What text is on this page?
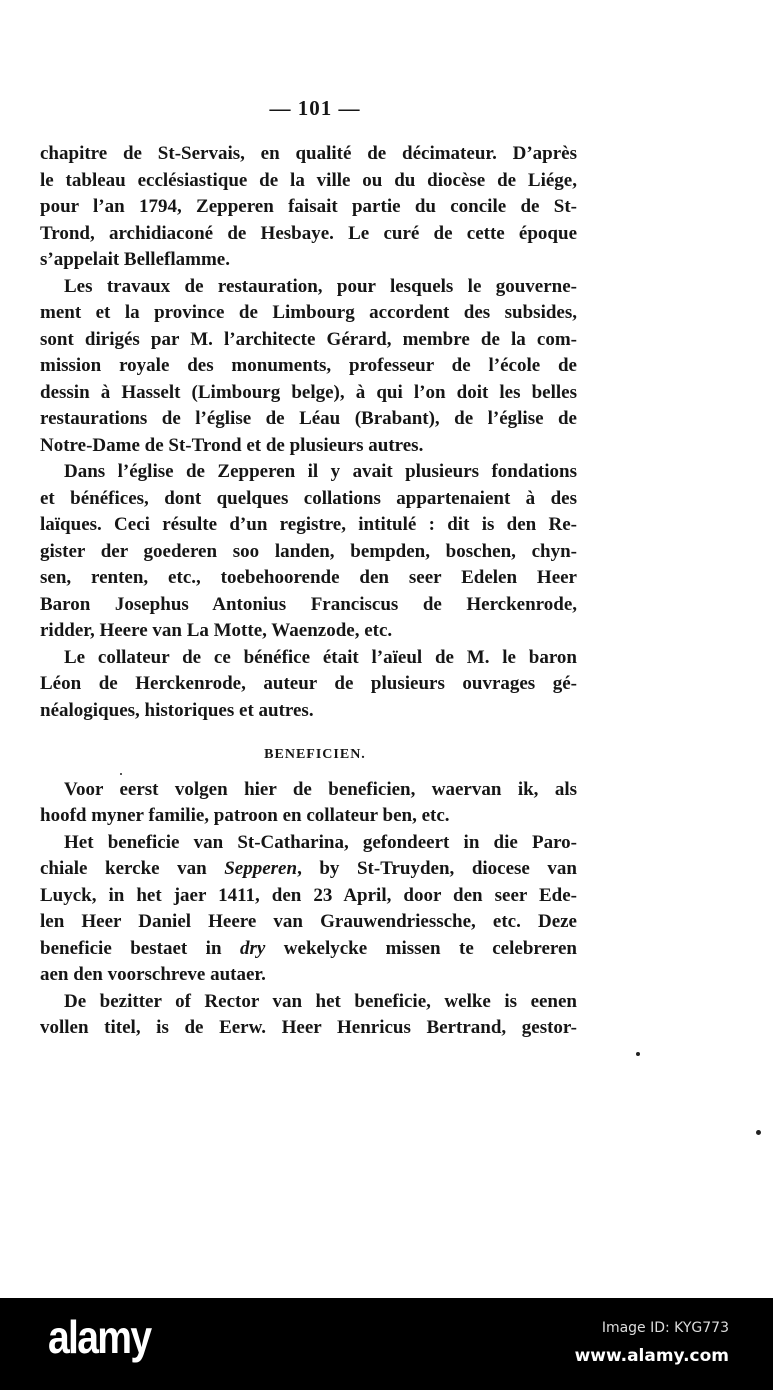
— 101 —
chapitre de St-Servais, en qualité de décimateur. D’après
le tableau ecclésiastique de la ville ou du diocèse de Liége,
pour l’an 1794, Zepperen faisait partie du concile de St-
Trond, archidiaconé de Hesbaye. Le curé de cette époque
s’appelait Belleflamme.
Les travaux de restauration, pour lesquels le gouverne-
ment et la province de Limbourg accordent des subsides,
sont dirigés par M. l’architecte Gérard, membre de la com-
mission royale des monuments, professeur de l’école de
dessin à Hasselt (Limbourg belge), à qui l’on doit les belles
restaurations de l’église de Léau (Brabant), de l’église de
Notre-Dame de St-Trond et de plusieurs autres.
Dans l’église de Zepperen il y avait plusieurs fondations
et bénéfices, dont quelques collations appartenaient à des
laïques. Ceci résulte d’un registre, intitulé : dit is den Re-
gister der goederen soo landen, bempden, boschen, chyn-
sen, renten, etc., toebehoorende den seer Edelen Heer
Baron Josephus Antonius Franciscus de Herckenrode,
ridder, Heere van La Motte, Waenzode, etc.
Le collateur de ce bénéfice était l’aïeul de M. le baron
Léon de Herckenrode, auteur de plusieurs ouvrages gé-
néalogiques, historiques et autres.
Voor eerst volgen hier de beneficien, waervan ik, als
hoofd myner familie, patroon en collateur ben, etc.
Het beneficie van St-Catharina, gefondeert in die Paro-
chiale kercke van Sepperen, by St-Truyden, diocese van
Luyck, in het jaer 1411, den 23 April, door den seer Ede-
len Heer Daniel Heere van Grauwendriessche, etc. Deze
beneficie bestaet in dry wekelycke missen te celebreren
aen den voorschreve autaer.
De bezitter of Rector van het beneficie, welke is eenen
vollen titel, is de Eerw. Heer Henricus Bertrand, gestor-
BENEFICIEN.
alamy	Image ID: KYG773
www.alamy.com
